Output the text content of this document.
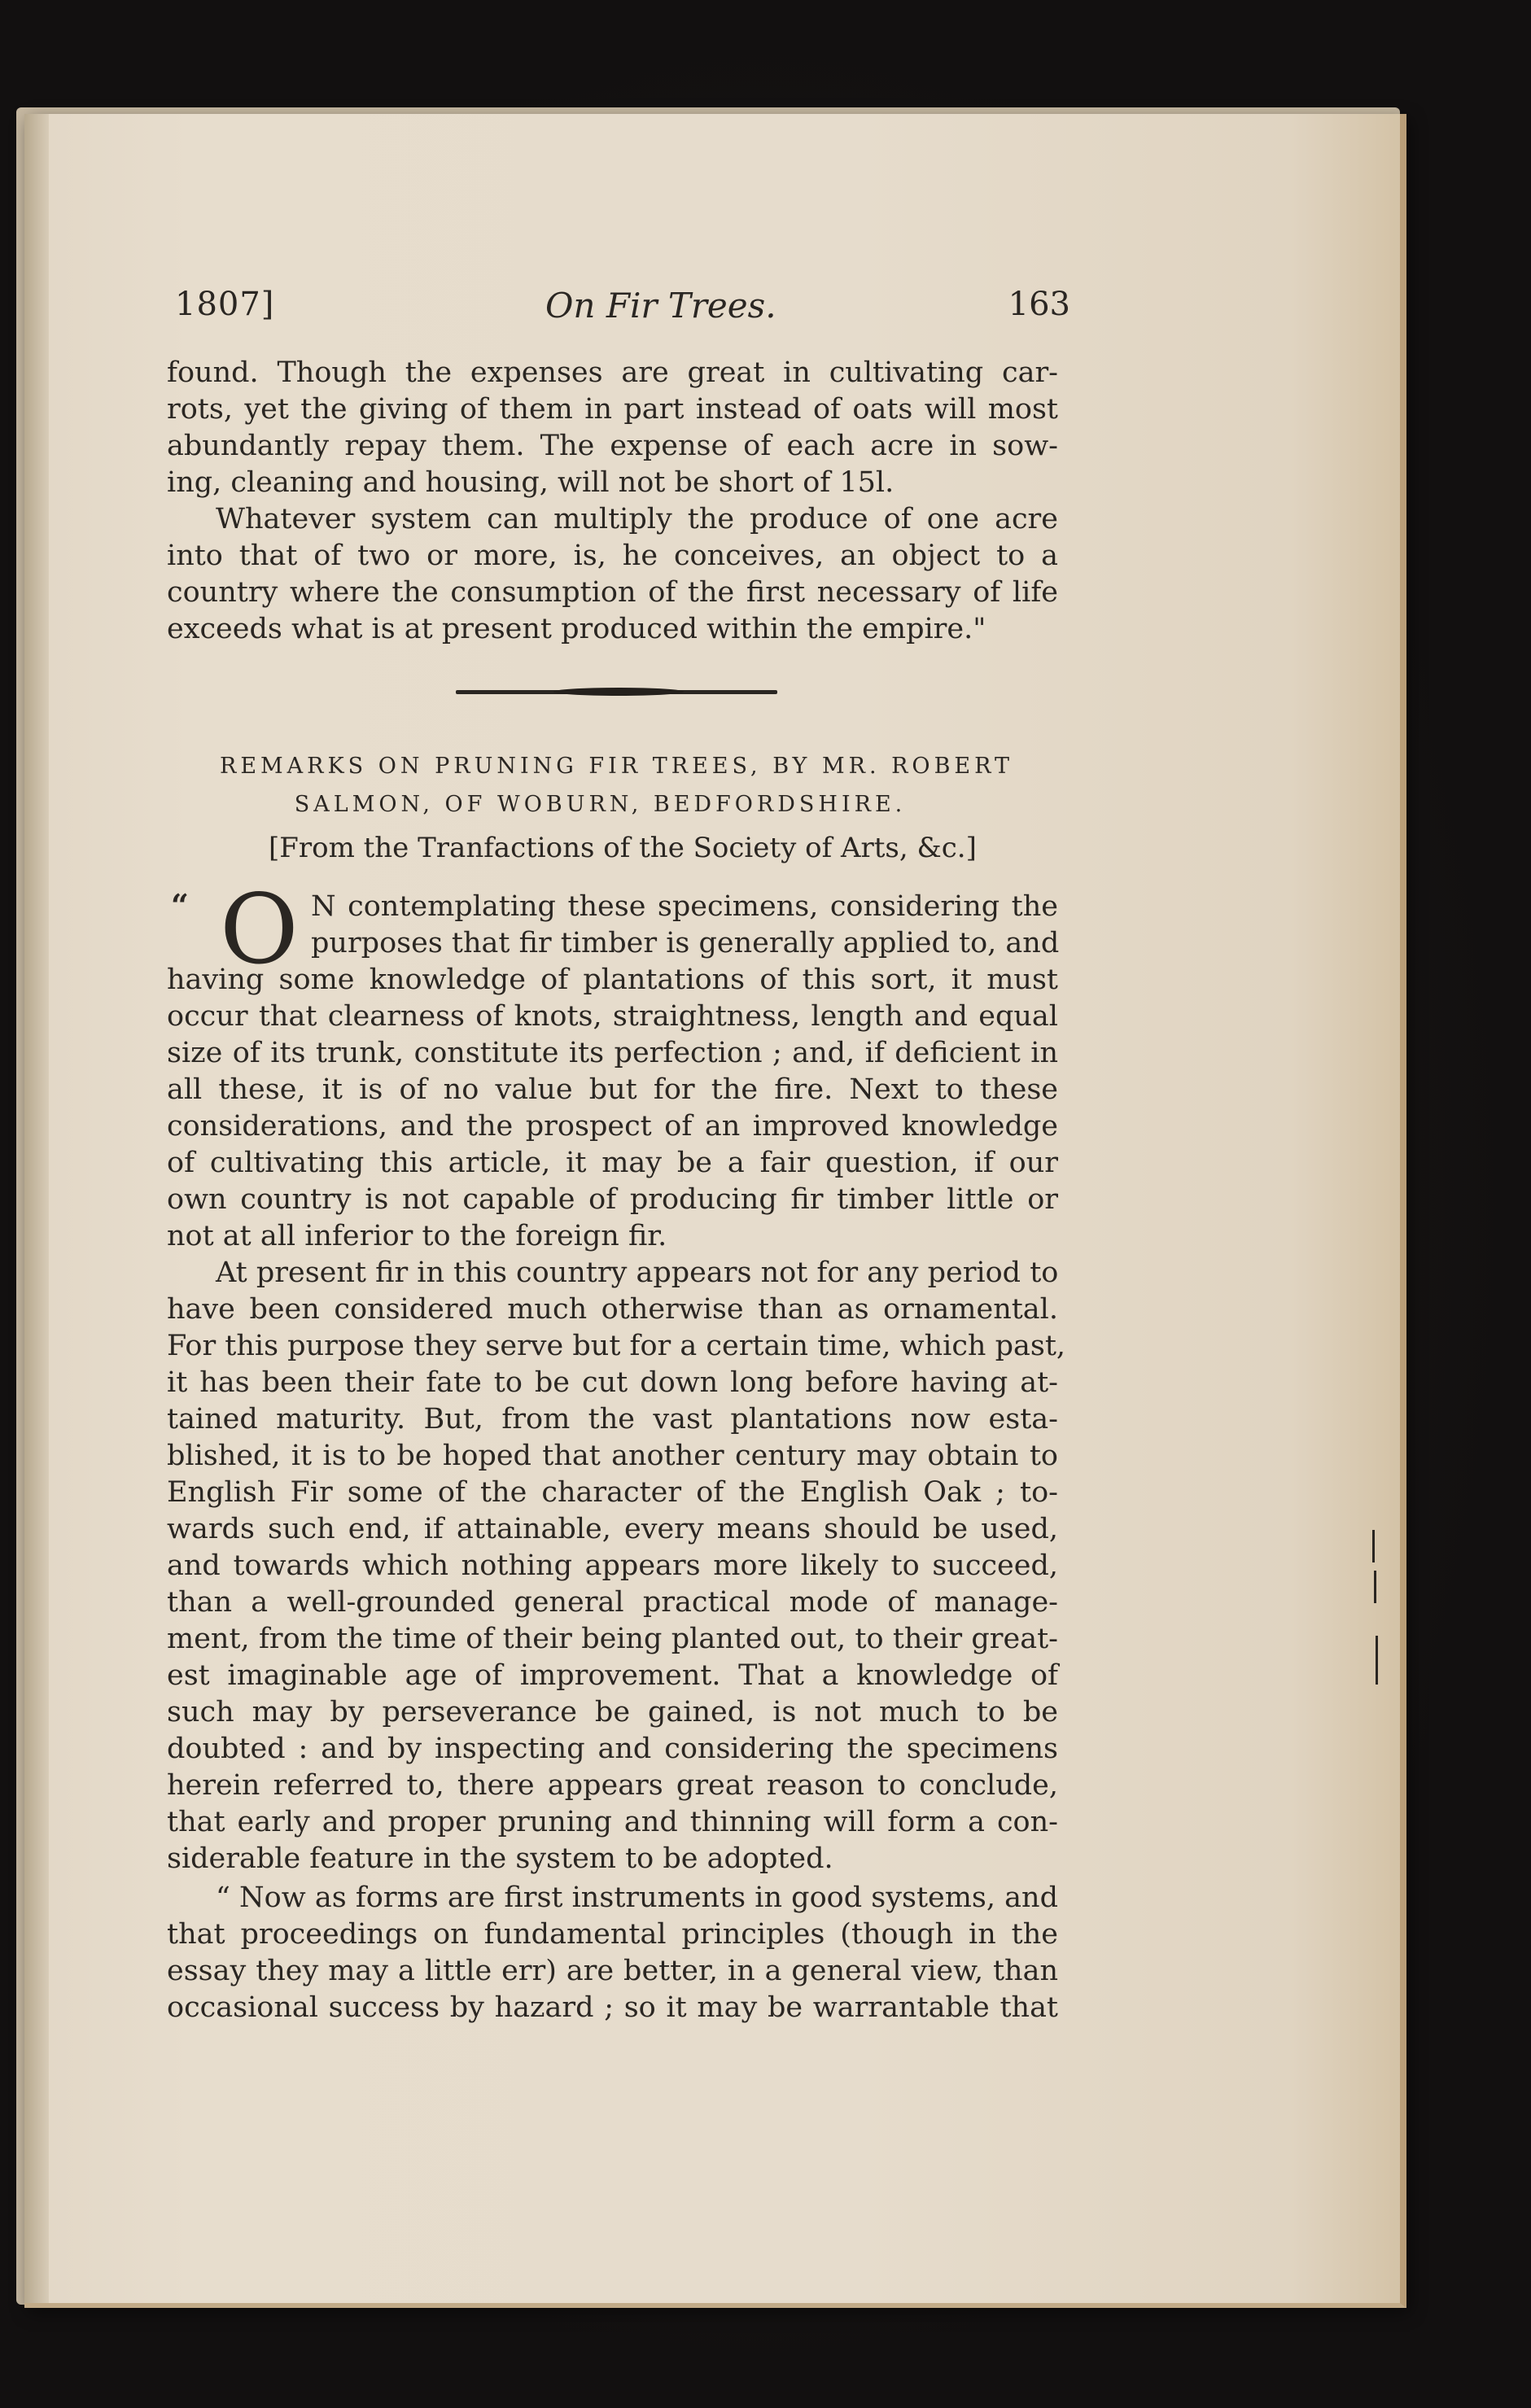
1807]	On Fir Trees.	163
found. Though the expenses are great in cultivating car-
rots, yet the giving of them in part instead of oats will most
abundantly repay them. The expense of each acre in sow-
ing, cleaning and housing, will not be short of 15l.
Whatever system can multiply the produce of one acre
into that of two or more, is, he conceives, an object to a
country where the consumption of the first necessary of life
exceeds what is at present produced within the empire."
REMARKS ON PRUNING FIR TREES, BY MR. ROBERT
SALMON, OF WOBURN, BEDFORDSHIRE.
[From the Tranfactions of the Society of Arts, &c.]
“ O N contemplating these specimens, considering the
purposes that fir timber is generally applied to, and
having some knowledge of plantations of this sort, it must
occur that clearness of knots, straightness, length and equal
size of its trunk, constitute its perfection ; and, if deficient in
all these, it is of no value but for the fire. Next to these
considerations, and the prospect of an improved knowledge
of cultivating this article, it may be a fair question, if our
own country is not capable of producing fir timber little or
not at all inferior to the foreign fir.
At present fir in this country appears not for any period to
have been considered much otherwise than as ornamental.
For this purpose they serve but for a certain time, which past,
it has been their fate to be cut down long before having at-
tained maturity. But, from the vast plantations now esta-
blished, it is to be hoped that another century may obtain to
English Fir some of the character of the English Oak ; to-
wards such end, if attainable, every means should be used,
and towards which nothing appears more likely to succeed,
than a well-grounded general practical mode of manage-
ment, from the time of their being planted out, to their great-
est imaginable age of improvement. That a knowledge of
such may by perseverance be gained, is not much to be
doubted : and by inspecting and considering the specimens
herein referred to, there appears great reason to conclude,
that early and proper pruning and thinning will form a con-
siderable feature in the system to be adopted.
“ Now as forms are first instruments in good systems, and
that proceedings on fundamental principles (though in the
essay they may a little err) are better, in a general view, than
occasional success by hazard ; so it may be warrantable that
